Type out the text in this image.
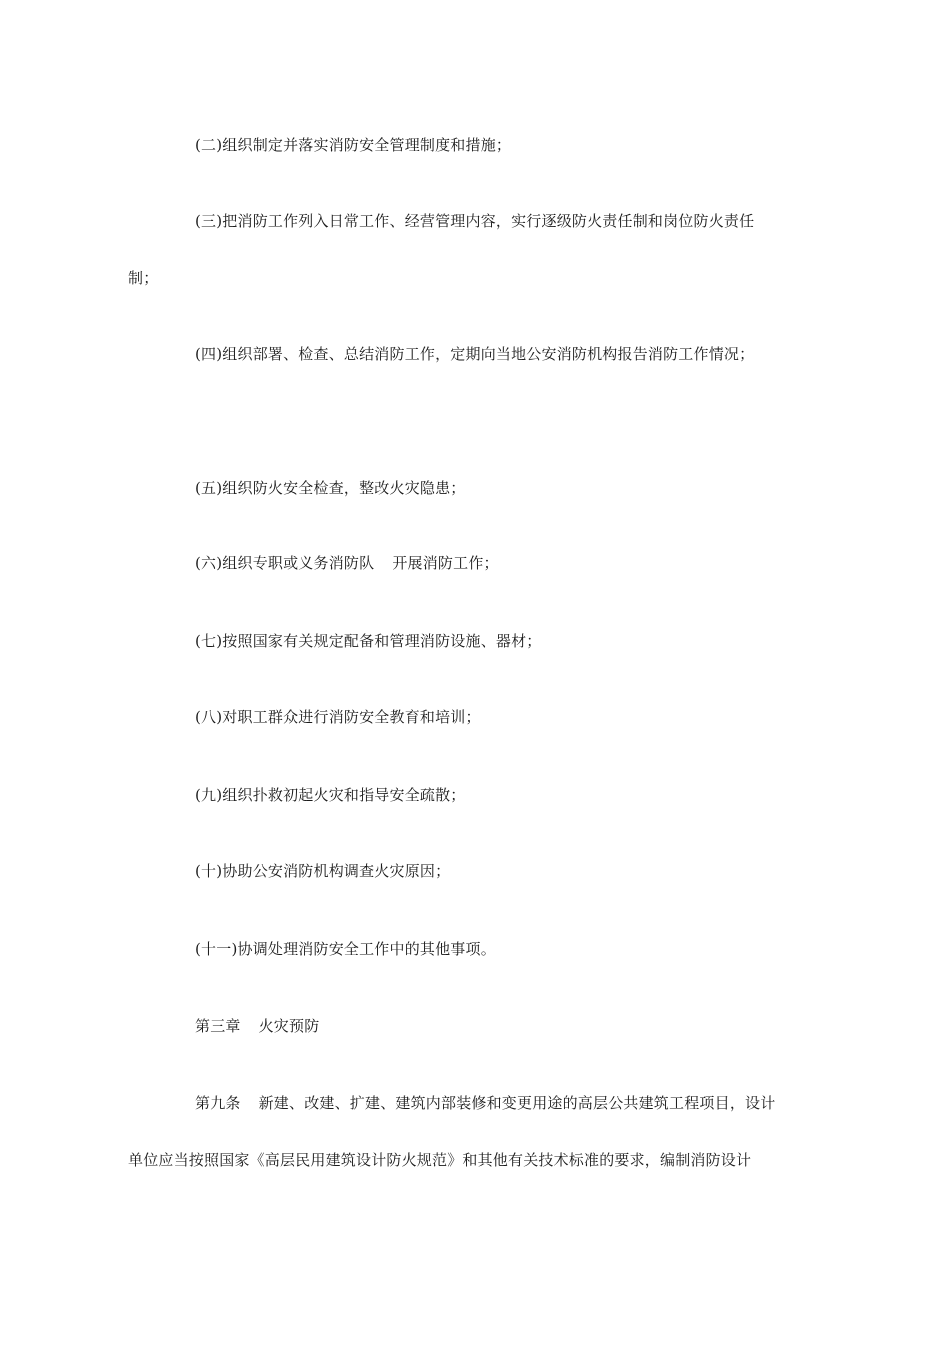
(二)组织制定并落实消防安全管理制度和措施；
(三)把消防工作列入日常工作、经营管理内容，实行逐级防火责任制和岗位防火责任
制；
(四)组织部署、检查、总结消防工作，定期向当地公安消防机构报告消防工作情况；
(五)组织防火安全检查，整改火灾隐患；
(六)组织专职或义务消防队 开展消防工作；
(七)按照国家有关规定配备和管理消防设施、器材；
(八)对职工群众进行消防安全教育和培训；
(九)组织扑救初起火灾和指导安全疏散；
(十)协助公安消防机构调查火灾原因；
(十一)协调处理消防安全工作中的其他事项。
第三章 火灾预防
第九条 新建、改建、扩建、建筑内部装修和变更用途的高层公共建筑工程项目，设计
单位应当按照国家《高层民用建筑设计防火规范》和其他有关技术标准的要求，编制消防设计
